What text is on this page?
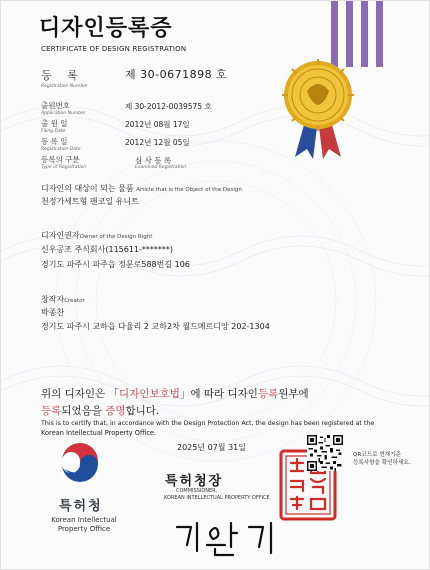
디자인등록증
CERTIFICATE OF DESIGN REGISTRATION
등 록
Registration Number
제 30-0671898 호
출원번호
Application Number
제 30-2012-0039575 호
출 원 일
Filing Date
2012년 08월 17일
등 록 일
Registration Date
2012년 12월 05일
등록의 구분
Type of Registration
심 사 등 록
Examined Registration
디자인의 대상이 되는 물품 Article that is the Object of the Design
천정가세트형 팬코일 유니트
디자인권자Owner of the Design Right
신우공조 주식회사(115611-*******)
경기도 파주시 파주읍 정문로588번길 106
창작자Creator
박종찬
경기도 파주시 교하읍 다율리 2 교하2차 월드메르디앙 202-1304
위의 디자인은 「디자인보호법」에 따라 디자인등록원부에
등록되었음을 증명합니다.
This is to certify that, in accordance with the Design Protection Act, the design has been registered at the
Korean Intellectual Property Office.
특허청
Korean Intellectual Property Office
2025년 07월 31일
특허청장
COMMISSIONER,
KOREAN INTELLECTUAL PROPERTY OFFICE
QR코드로 현재기준
등록사항을 확인하세요.
